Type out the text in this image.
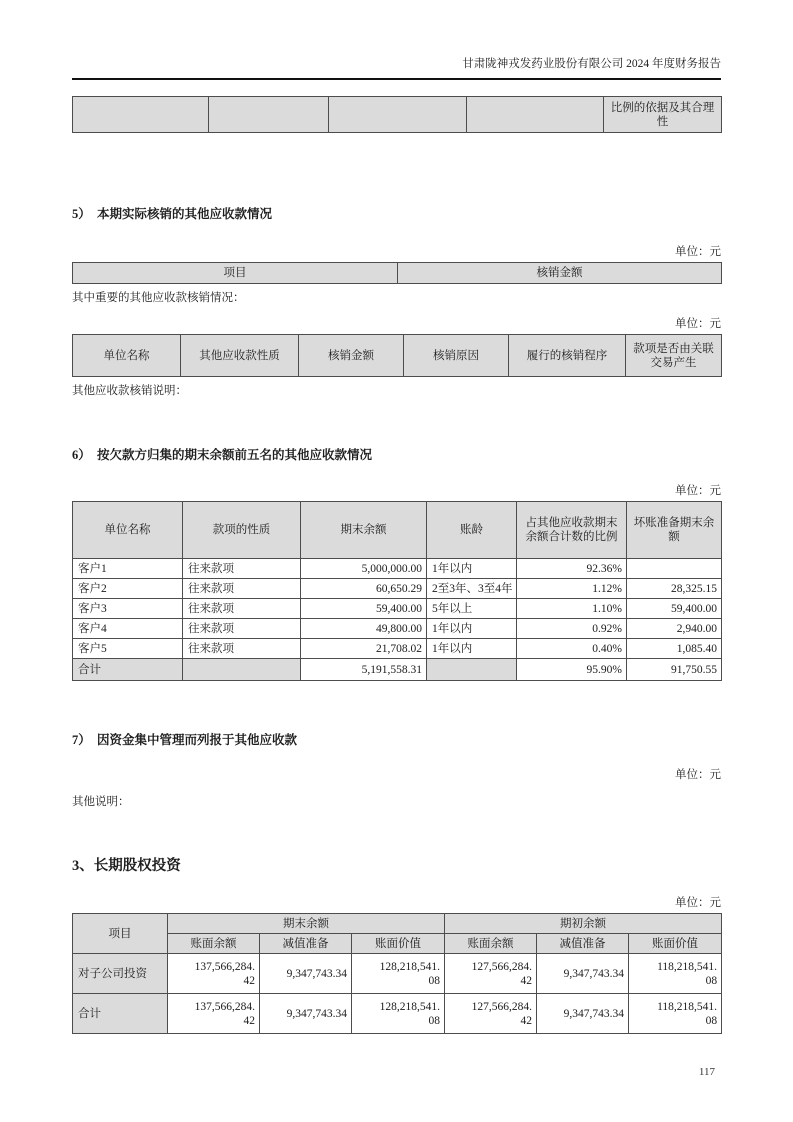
甘肃陇神戎发药业股份有限公司 2024 年度财务报告
				比例的依据及其合理性
5）　本期实际核销的其他应收款情况
单位：元
项目	核销金额
其中重要的其他应收款核销情况：
单位：元
单位名称	其他应收款性质	核销金额	核销原因	履行的核销程序	款项是否由关联交易产生
其他应收款核销说明：
6）　按欠款方归集的期末余额前五名的其他应收款情况
单位：元
单位名称	款项的性质	期末余额	账龄	占其他应收款期末余额合计数的比例	坏账准备期末余额
客户1	往来款项	5,000,000.00	1年以内	92.36%	
客户2	往来款项	60,650.29	2至3年、3至4年	1.12%	28,325.15
客户3	往来款项	59,400.00	5年以上	1.10%	59,400.00
客户4	往来款项	49,800.00	1年以内	0.92%	2,940.00
客户5	往来款项	21,708.02	1年以内	0.40%	1,085.40
合计		5,191,558.31		95.90%	91,750.55
7）　因资金集中管理而列报于其他应收款
单位：元
其他说明：
3、长期股权投资
单位：元
项目	期末余额			期初余额		
	账面余额	减值准备	账面价值	账面余额	减值准备	账面价值
对子公司投资	137,566,284.42	9,347,743.34	128,218,541.08	127,566,284.42	9,347,743.34	118,218,541.08
合计	137,566,284.42	9,347,743.34	128,218,541.08	127,566,284.42	9,347,743.34	118,218,541.08
117
